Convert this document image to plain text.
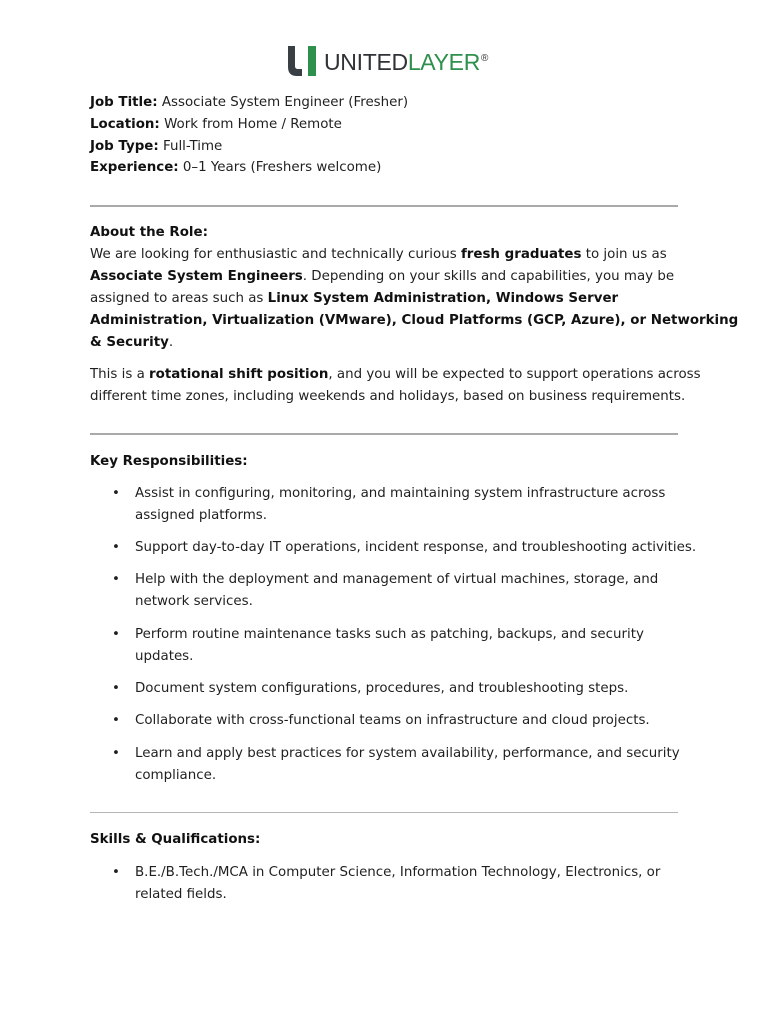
UNITEDLAYER®
Job Title: Associate System Engineer (Fresher)
Location: Work from Home / Remote
Job Type: Full-Time
Experience: 0–1 Years (Freshers welcome)
About the Role:
We are looking for enthusiastic and technically curious fresh graduates to join us as
Associate System Engineers. Depending on your skills and capabilities, you may be
assigned to areas such as Linux System Administration, Windows Server
Administration, Virtualization (VMware), Cloud Platforms (GCP, Azure), or Networking
& Security.
This is a rotational shift position, and you will be expected to support operations across
different time zones, including weekends and holidays, based on business requirements.
Key Responsibilities:
• Assist in configuring, monitoring, and maintaining system infrastructure across
assigned platforms.
• Support day-to-day IT operations, incident response, and troubleshooting activities.
• Help with the deployment and management of virtual machines, storage, and
network services.
• Perform routine maintenance tasks such as patching, backups, and security
updates.
• Document system configurations, procedures, and troubleshooting steps.
• Collaborate with cross-functional teams on infrastructure and cloud projects.
• Learn and apply best practices for system availability, performance, and security
compliance.
Skills & Qualifications:
• B.E./B.Tech./MCA in Computer Science, Information Technology, Electronics, or
related fields.
